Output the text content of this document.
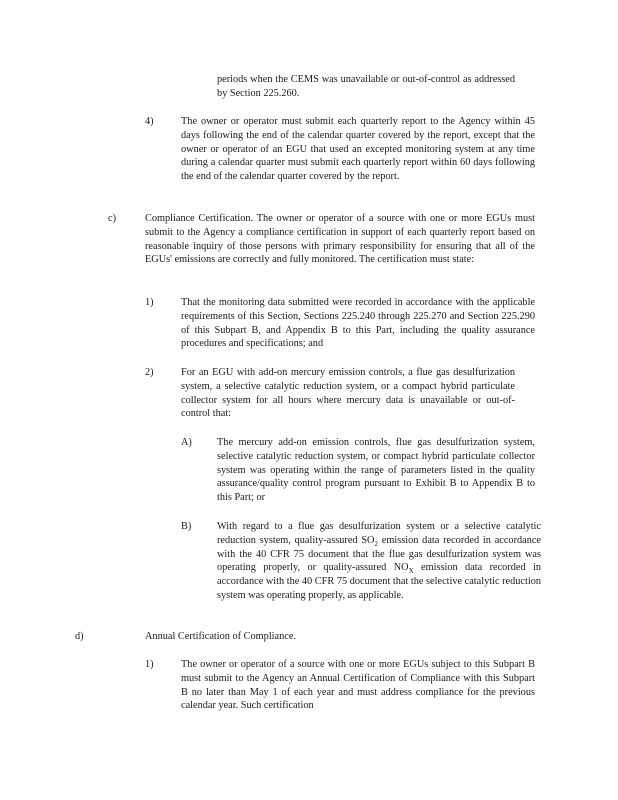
periods when the CEMS was unavailable or out-of-control as addressed by Section 225.260.
4)	The owner or operator must submit each quarterly report to the Agency within 45 days following the end of the calendar quarter covered by the report, except that the owner or operator of an EGU that used an excepted monitoring system at any time during a calendar quarter must submit each quarterly report within 60 days following the end of the calendar quarter covered by the report.
c)	Compliance Certification. The owner or operator of a source with one or more EGUs must submit to the Agency a compliance certification in support of each quarterly report based on reasonable inquiry of those persons with primary responsibility for ensuring that all of the EGUs' emissions are correctly and fully monitored. The certification must state:
1)	That the monitoring data submitted were recorded in accordance with the applicable requirements of this Section, Sections 225.240 through 225.270 and Section 225.290 of this Subpart B, and Appendix B to this Part, including the quality assurance procedures and specifications; and
2)	For an EGU with add-on mercury emission controls, a flue gas desulfurization system, a selective catalytic reduction system, or a compact hybrid particulate collector system for all hours where mercury data is unavailable or out-of-control that:
A) The mercury add-on emission controls, flue gas desulfurization system, selective catalytic reduction system, or compact hybrid particulate collector system was operating within the range of parameters listed in the quality assurance/quality control program pursuant to Exhibit B to Appendix B to this Part; or
B) With regard to a flue gas desulfurization system or a selective catalytic reduction system, quality-assured $SO_2$ emission data recorded in accordance with the 40 CFR 75 document that the flue gas desulfurization system was operating properly, or quality-assured $NO_X$ emission data recorded in accordance with the 40 CFR 75 document that the selective catalytic reduction system was operating properly, as applicable.
d)	Annual Certification of Compliance.
1)	The owner or operator of a source with one or more EGUs subject to this Subpart B must submit to the Agency an Annual Certification of Compliance with this Subpart B no later than May 1 of each year and must address compliance for the previous calendar year. Such certification
